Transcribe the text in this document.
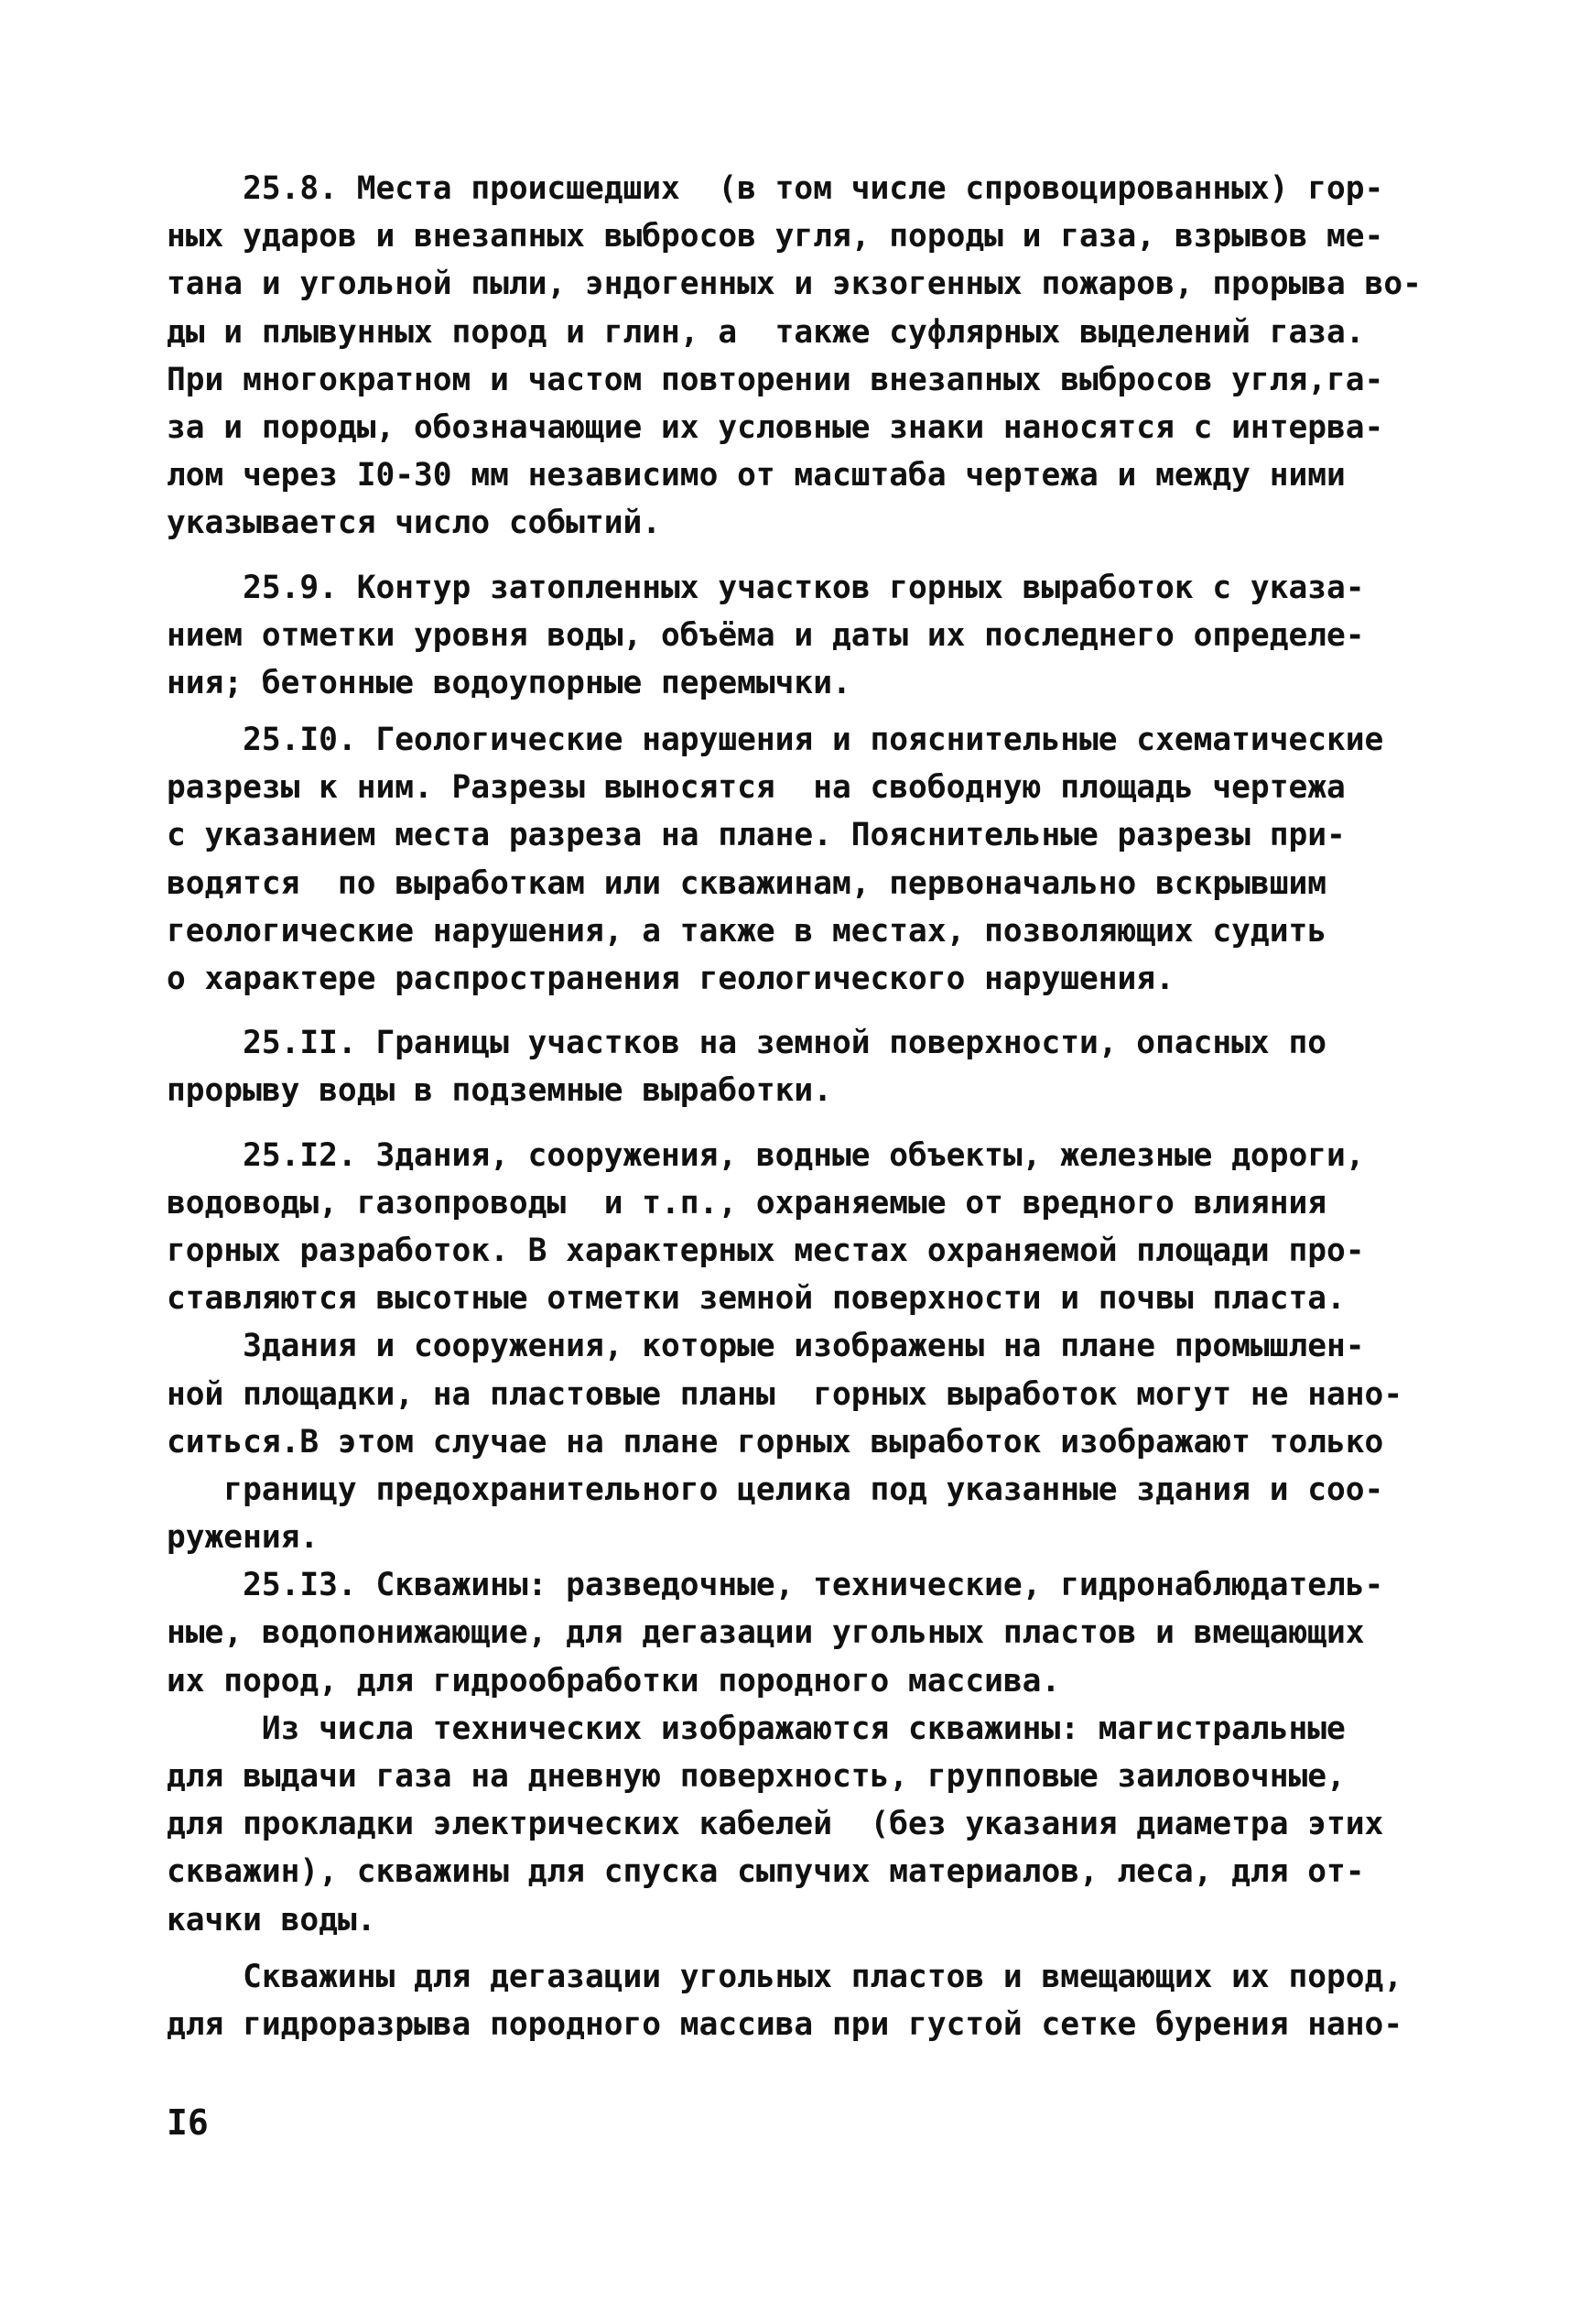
25.8. Места происшедших  (в том числе спровоцированных) гор-
ных ударов и внезапных выбросов угля, породы и газа, взрывов ме-
тана и угольной пыли, эндогенных и экзогенных пожаров, прорыва во-
ды и плывунных пород и глин, а  также суфлярных выделений газа.
При многократном и частом повторении внезапных выбросов угля,га-
за и породы, обозначающие их условные знаки наносятся с интерва-
лом через I0-30 мм независимо от масштаба чертежа и между ними
указывается число событий.
25.9. Контур затопленных участков горных выработок с указа-
нием отметки уровня воды, объёма и даты их последнего определе-
ния; бетонные водоупорные перемычки.
25.I0. Геологические нарушения и пояснительные схематические
разрезы к ним. Разрезы выносятся  на свободную площадь чертежа
с указанием места разреза на плане. Пояснительные разрезы при-
водятся  по выработкам или скважинам, первоначально вскрывшим
геологические нарушения, а также в местах, позволяющих судить
о характере распространения геологического нарушения.
25.II. Границы участков на земной поверхности, опасных по
прорыву воды в подземные выработки.
25.I2. Здания, сооружения, водные объекты, железные дороги,
водоводы, газопроводы  и т.п., охраняемые от вредного влияния
горных разработок. В характерных местах охраняемой площади про-
ставляются высотные отметки земной поверхности и почвы пласта.
Здания и сооружения, которые изображены на плане промышлен-
ной площадки, на пластовые планы  горных выработок могут не нано-
ситься.В этом случае на плане горных выработок изображают только
границу предохранительного целика под указанные здания и соо-
ружения.
25.I3. Скважины: разведочные, технические, гидронаблюдатель-
ные, водопонижающие, для дегазации угольных пластов и вмещающих
их пород, для гидрообработки породного массива.
Из числа технических изображаются скважины: магистральные
для выдачи газа на дневную поверхность, групповые заиловочные,
для прокладки электрических кабелей  (без указания диаметра этих
скважин), скважины для спуска сыпучих материалов, леса, для от-
качки воды.
Скважины для дегазации угольных пластов и вмещающих их пород,
для гидроразрыва породного массива при густой сетке бурения нано-
I6
